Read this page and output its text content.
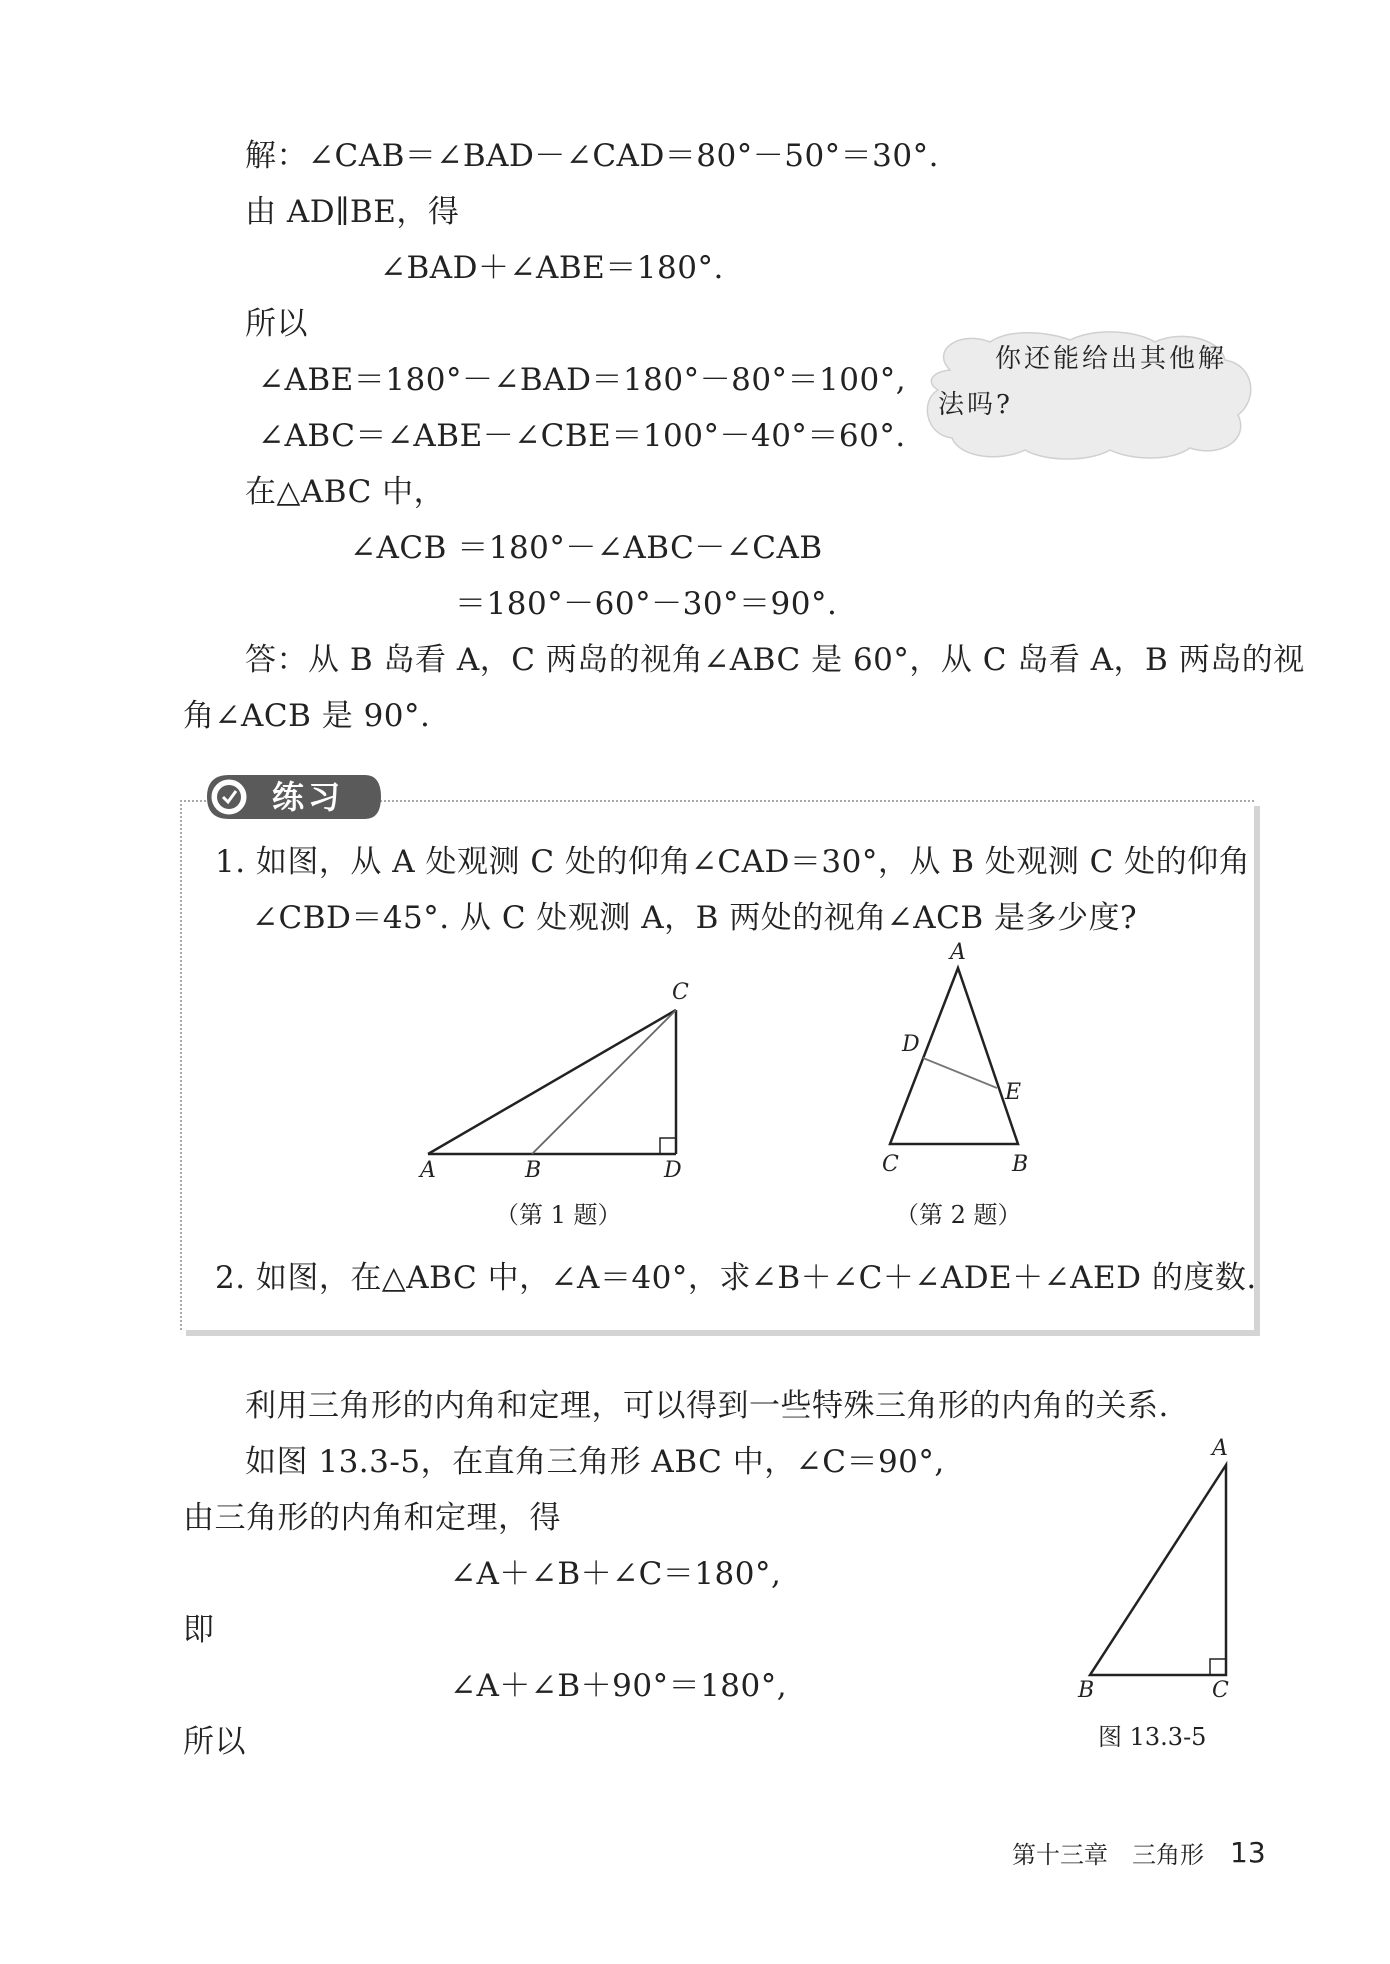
解：∠CAB＝∠BAD－∠CAD＝80°－50°＝30°.
由 AD∥BE，得
∠BAD＋∠ABE＝180°.
所以
∠ABE＝180°－∠BAD＝180°－80°＝100°,
∠ABC＝∠ABE－∠CBE＝100°－40°＝60°.
在△ABC 中，
∠ACB ＝180°－∠ABC－∠CAB
＝180°－60°－30°＝90°.
答：从 B 岛看 A，C 两岛的视角∠ABC 是 60°，从 C 岛看 A，B 两岛的视
角∠ACB 是 90°.
你还能给出其他解
法吗?
练习
1. 如图，从 A 处观测 C 处的仰角∠CAD＝30°，从 B 处观测 C 处的仰角
∠CBD＝45°. 从 C 处观测 A，B 两处的视角∠ACB 是多少度?
A	B
C
D
（第 1 题）
A
D
E
C	B
（第 2 题）
2. 如图，在△ABC 中，∠A＝40°，求∠B＋∠C＋∠ADE＋∠AED 的度数.
利用三角形的内角和定理，可以得到一些特殊三角形的内角的关系.
如图 13.3-5，在直角三角形 ABC 中，∠C＝90°,
由三角形的内角和定理，得
∠A＋∠B＋∠C＝180°,
即
∠A＋∠B＋90°＝180°,
所以
A
B	C
图 13.3-5
第十三章　三角形 13
